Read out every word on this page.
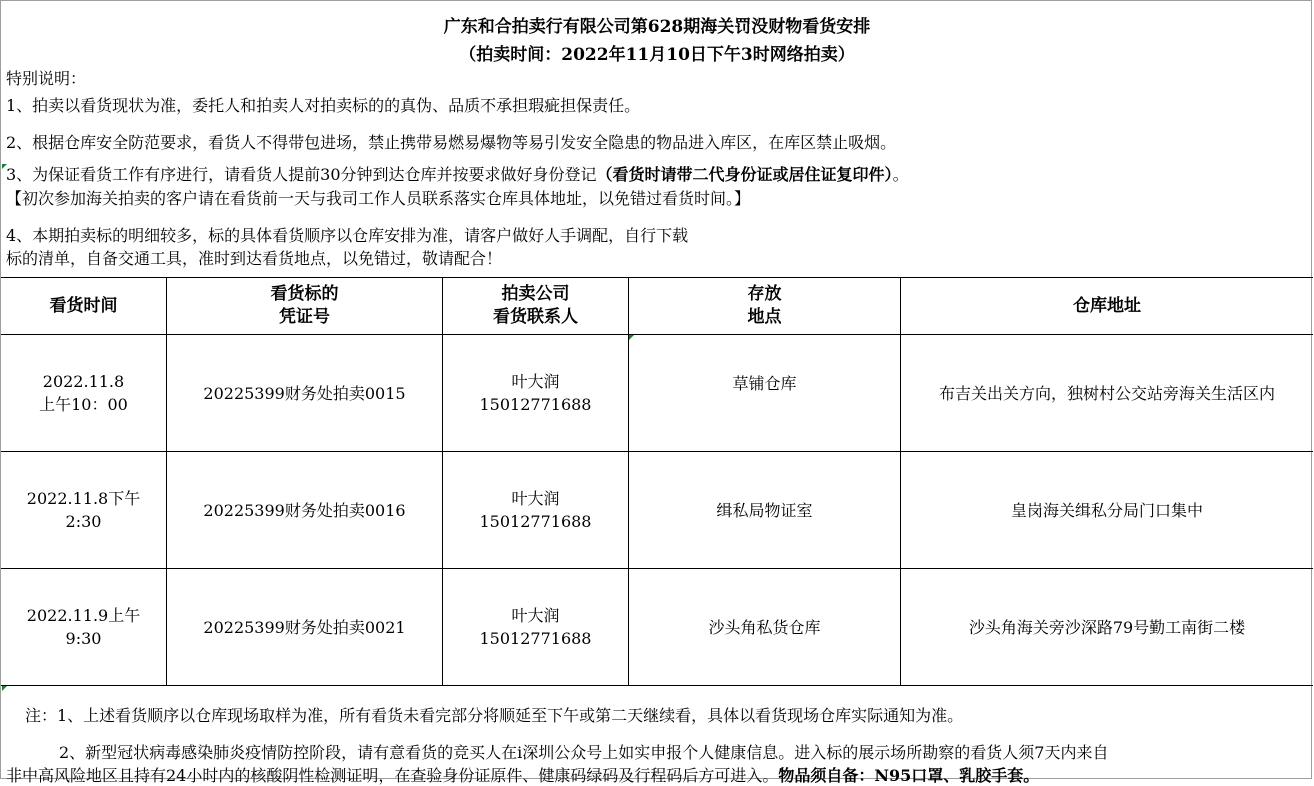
广东和合拍卖行有限公司第628期海关罚没财物看货安排
（拍卖时间：2022年11月10日下午3时网络拍卖）
特别说明：
1、拍卖以看货现状为准，委托人和拍卖人对拍卖标的的真伪、品质不承担瑕疵担保责任。
2、根据仓库安全防范要求，看货人不得带包进场，禁止携带易燃易爆物等易引发安全隐患的物品进入库区，在库区禁止吸烟。
3、为保证看货工作有序进行，请看货人提前30分钟到达仓库并按要求做好身份登记（看货时请带二代身份证或居住证复印件）。
【初次参加海关拍卖的客户请在看货前一天与我司工作人员联系落实仓库具体地址，以免错过看货时间。】
4、本期拍卖标的明细较多，标的具体看货顺序以仓库安排为准，请客户做好人手调配，自行下载
标的清单，自备交通工具，准时到达看货地点，以免错过，敬请配合！
看货时间
看货标的
凭证号
拍卖公司
看货联系人
存放
地点
仓库地址
2022.11.8
上午10：00
20225399财务处拍卖0015
叶大润
15012771688
草铺仓库
布吉关出关方向，独树村公交站旁海关生活区内
2022.11.8下午
2:30
20225399财务处拍卖0016
叶大润
15012771688
缉私局物证室	皇岗海关缉私分局门口集中
2022.11.9上午
9:30
20225399财务处拍卖0021
叶大润
15012771688
沙头角私货仓库	沙头角海关旁沙深路79号勤工南街二楼
注：1、上述看货顺序以仓库现场取样为准，所有看货未看完部分将顺延至下午或第二天继续看，具体以看货现场仓库实际通知为准。
2、新型冠状病毒感染肺炎疫情防控阶段，请有意看货的竞买人在i深圳公众号上如实申报个人健康信息。进入标的展示场所勘察的看货人须7天内来自
非中高风险地区且持有24小时内的核酸阴性检测证明，在查验身份证原件、健康码绿码及行程码后方可进入。物品须自备：N95口罩、乳胶手套。
